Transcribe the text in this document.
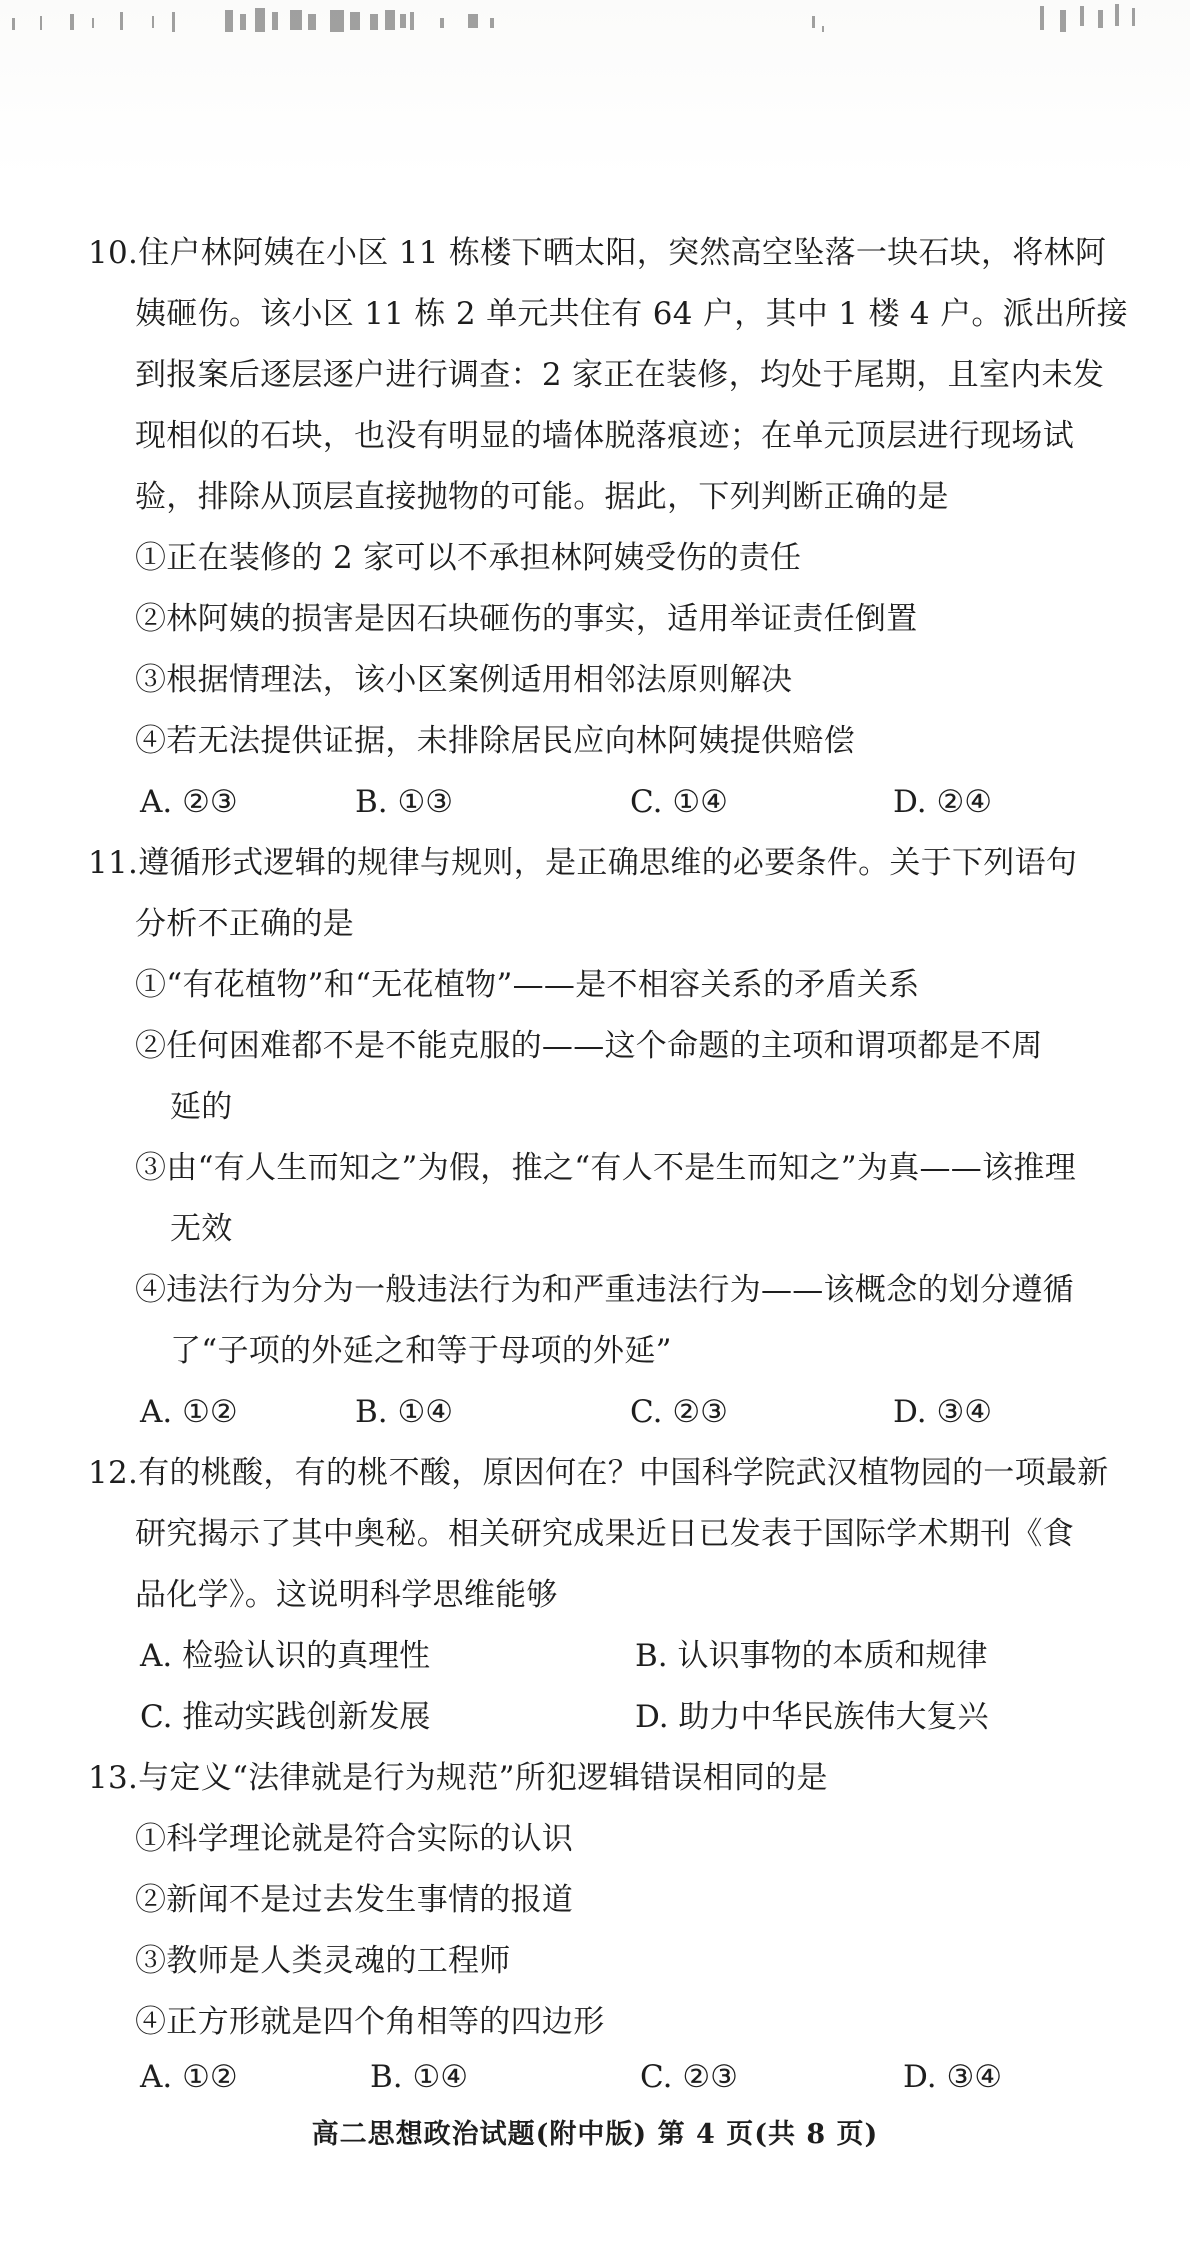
10.住户林阿姨在小区 11 栋楼下晒太阳，突然高空坠落一块石块，将林阿
姨砸伤。该小区 11 栋 2 单元共住有 64 户，其中 1 楼 4 户。派出所接
到报案后逐层逐户进行调查：2 家正在装修，均处于尾期，且室内未发
现相似的石块，也没有明显的墙体脱落痕迹；在单元顶层进行现场试
验，排除从顶层直接抛物的可能。据此，下列判断正确的是
①正在装修的 2 家可以不承担林阿姨受伤的责任
②林阿姨的损害是因石块砸伤的事实，适用举证责任倒置
③根据情理法，该小区案例适用相邻法原则解决
④若无法提供证据，未排除居民应向林阿姨提供赔偿
A. ②③	B. ①③	C. ①④	D. ②④
11.遵循形式逻辑的规律与规则，是正确思维的必要条件。关于下列语句
分析不正确的是
①“有花植物”和“无花植物”——是不相容关系的矛盾关系
②任何困难都不是不能克服的——这个命题的主项和谓项都是不周
延的
③由“有人生而知之”为假，推之“有人不是生而知之”为真——该推理
无效
④违法行为分为一般违法行为和严重违法行为——该概念的划分遵循
了“子项的外延之和等于母项的外延”
A. ①②	B. ①④	C. ②③	D. ③④
12.有的桃酸，有的桃不酸，原因何在？中国科学院武汉植物园的一项最新
研究揭示了其中奥秘。相关研究成果近日已发表于国际学术期刊《食
品化学》。这说明科学思维能够
A. 检验认识的真理性	B. 认识事物的本质和规律
C. 推动实践创新发展	D. 助力中华民族伟大复兴
13.与定义“法律就是行为规范”所犯逻辑错误相同的是
①科学理论就是符合实际的认识
②新闻不是过去发生事情的报道
③教师是人类灵魂的工程师
④正方形就是四个角相等的四边形
A. ①②	B. ①④	C. ②③	D. ③④
高二思想政治试题(附中版) 第 4 页(共 8 页)
